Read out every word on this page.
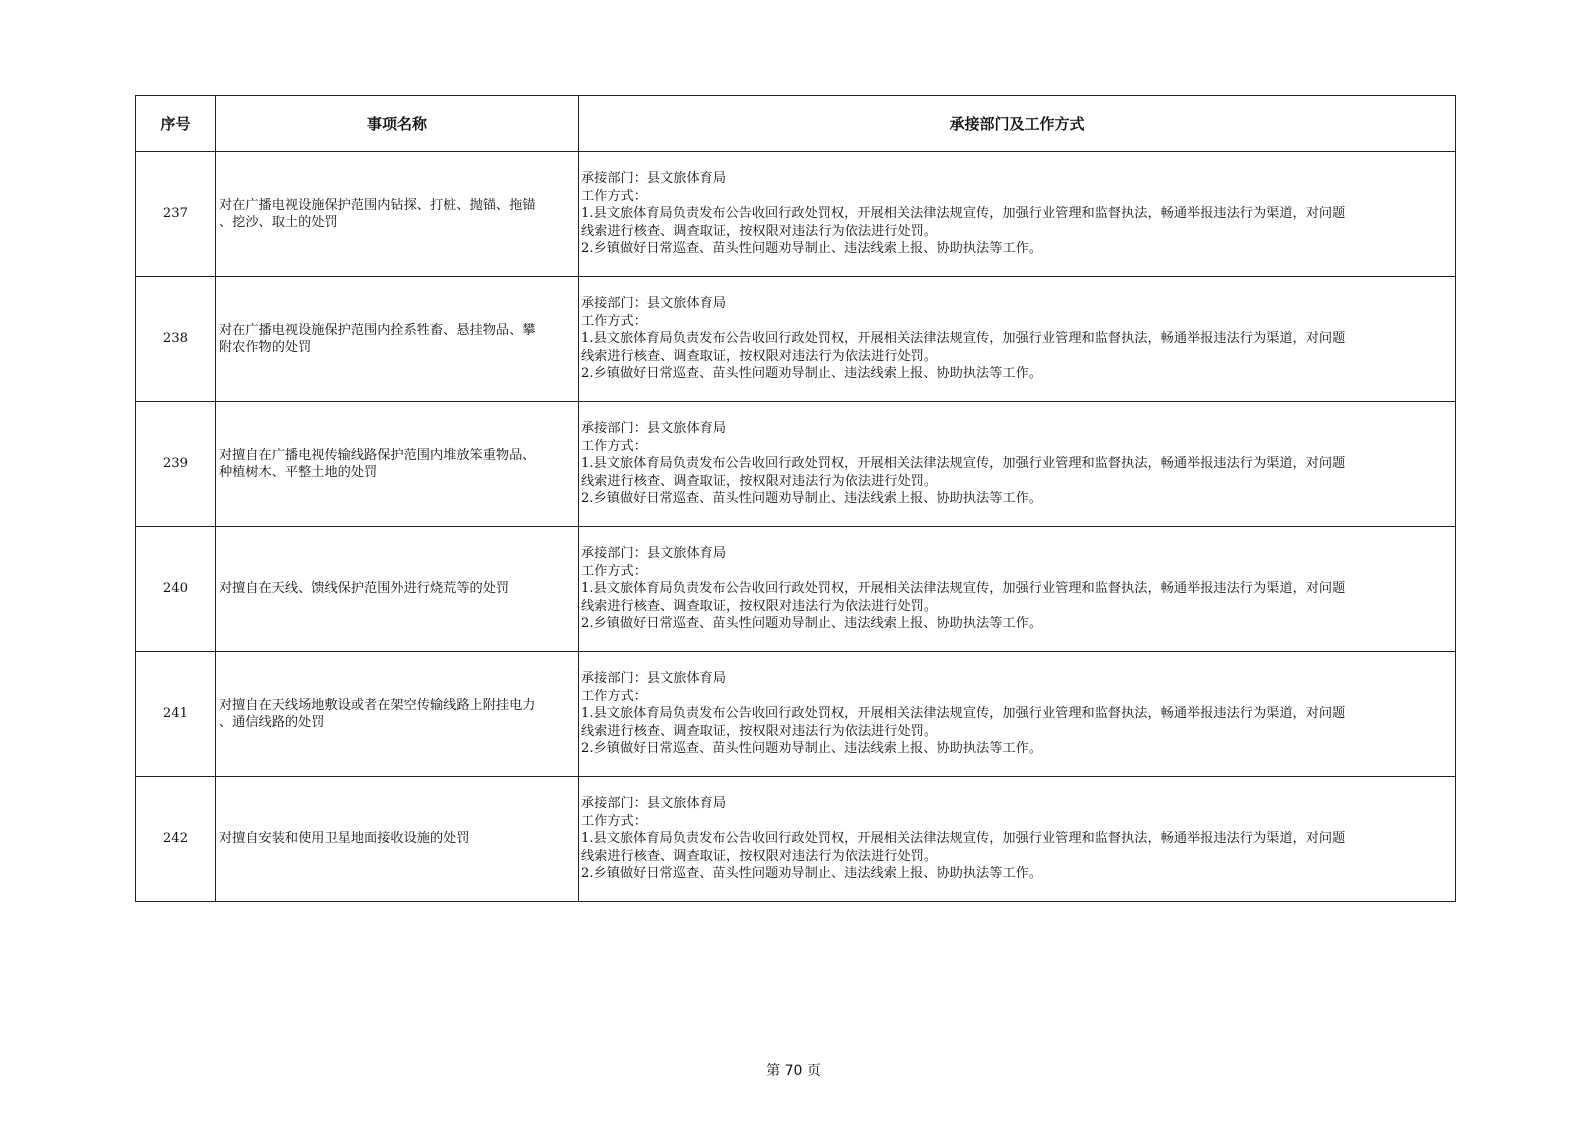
序号	事项名称	承接部门及工作方式
237	对在广播电视设施保护范围内钻探、打桩、抛锚、拖锚
、挖沙、取土的处罚	承接部门：县文旅体育局
工作方式：
1.县文旅体育局负责发布公告收回行政处罚权，开展相关法律法规宣传，加强行业管理和监督执法，畅通举报违法行为渠道，对问题
线索进行核查、调查取证，按权限对违法行为依法进行处罚。
2.乡镇做好日常巡查、苗头性问题劝导制止、违法线索上报、协助执法等工作。

238	对在广播电视设施保护范围内拴系牲畜、悬挂物品、攀
附农作物的处罚	承接部门：县文旅体育局
工作方式：
1.县文旅体育局负责发布公告收回行政处罚权，开展相关法律法规宣传，加强行业管理和监督执法，畅通举报违法行为渠道，对问题
线索进行核查、调查取证，按权限对违法行为依法进行处罚。
2.乡镇做好日常巡查、苗头性问题劝导制止、违法线索上报、协助执法等工作。

239	对擅自在广播电视传输线路保护范围内堆放笨重物品、
种植树木、平整土地的处罚	承接部门：县文旅体育局
工作方式：
1.县文旅体育局负责发布公告收回行政处罚权，开展相关法律法规宣传，加强行业管理和监督执法，畅通举报违法行为渠道，对问题
线索进行核查、调查取证，按权限对违法行为依法进行处罚。
2.乡镇做好日常巡查、苗头性问题劝导制止、违法线索上报、协助执法等工作。

240	对擅自在天线、馈线保护范围外进行烧荒等的处罚	承接部门：县文旅体育局
工作方式：
1.县文旅体育局负责发布公告收回行政处罚权，开展相关法律法规宣传，加强行业管理和监督执法，畅通举报违法行为渠道，对问题
线索进行核查、调查取证，按权限对违法行为依法进行处罚。
2.乡镇做好日常巡查、苗头性问题劝导制止、违法线索上报、协助执法等工作。

241	对擅自在天线场地敷设或者在架空传输线路上附挂电力
、通信线路的处罚	承接部门：县文旅体育局
工作方式：
1.县文旅体育局负责发布公告收回行政处罚权，开展相关法律法规宣传，加强行业管理和监督执法，畅通举报违法行为渠道，对问题
线索进行核查、调查取证，按权限对违法行为依法进行处罚。
2.乡镇做好日常巡查、苗头性问题劝导制止、违法线索上报、协助执法等工作。

242	对擅自安装和使用卫星地面接收设施的处罚	承接部门：县文旅体育局
工作方式：
1.县文旅体育局负责发布公告收回行政处罚权，开展相关法律法规宣传，加强行业管理和监督执法，畅通举报违法行为渠道，对问题
线索进行核查、调查取证，按权限对违法行为依法进行处罚。
2.乡镇做好日常巡查、苗头性问题劝导制止、违法线索上报、协助执法等工作。
第 70 页
